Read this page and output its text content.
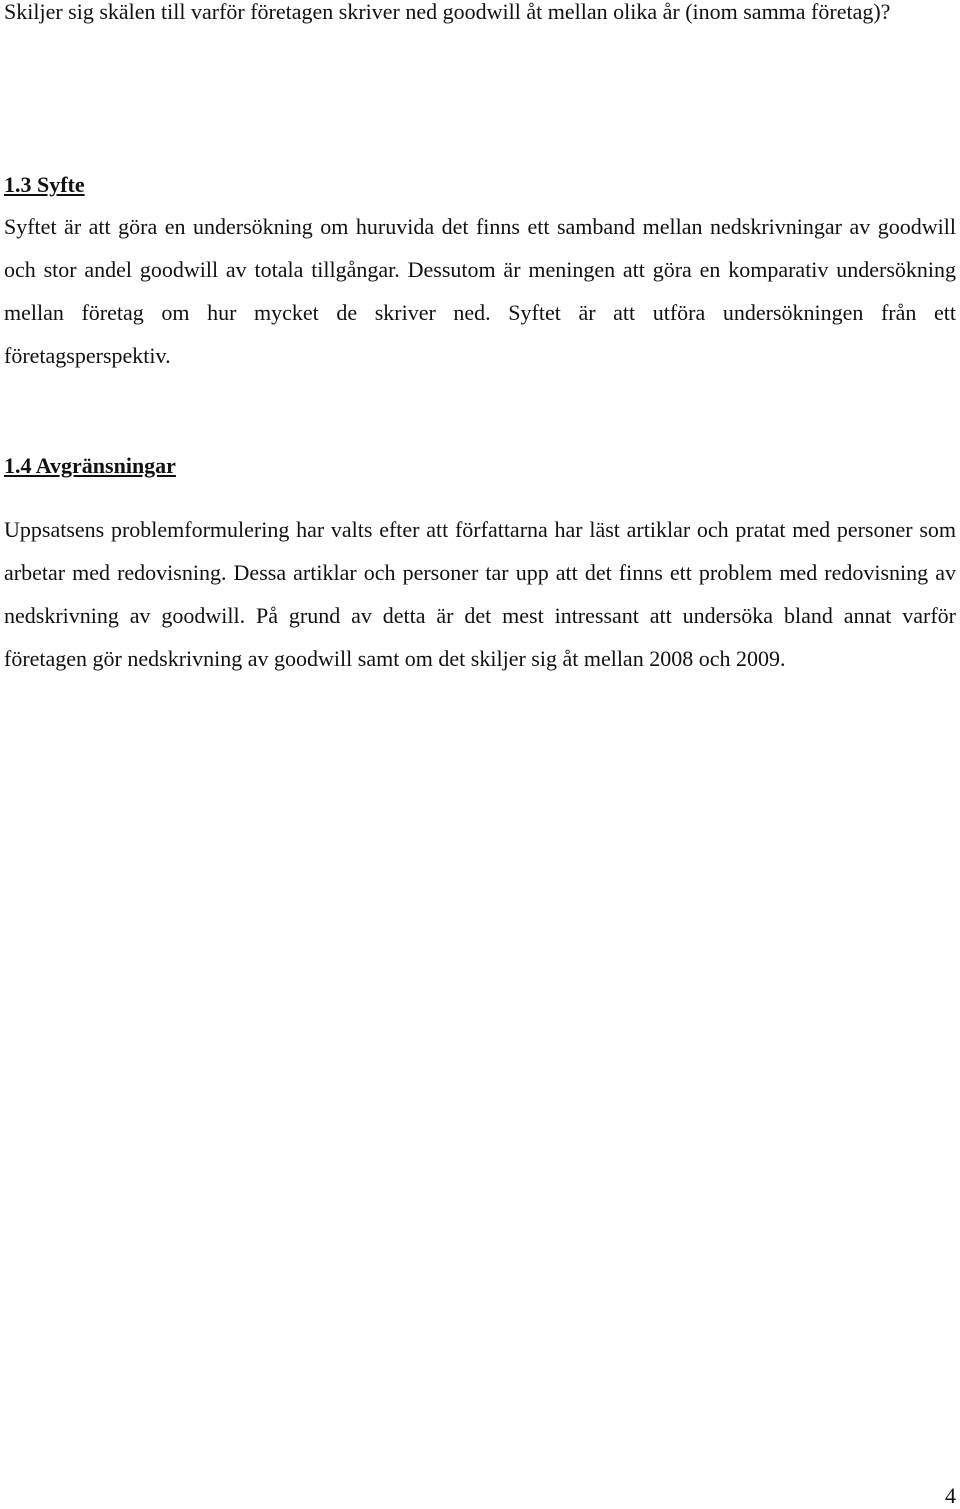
Skiljer sig skälen till varför företagen skriver ned goodwill åt mellan olika år (inom samma företag)?

1.3 Syfte

Syftet är att göra en undersökning om huruvida det finns ett samband mellan nedskrivningar av goodwill och stor andel goodwill av totala tillgångar. Dessutom är meningen att göra en komparativ undersökning mellan företag om hur mycket de skriver ned. Syftet är att utföra undersökningen från ett företagsperspektiv.

1.4 Avgränsningar

Uppsatsens problemformulering har valts efter att författarna har läst artiklar och pratat med personer som arbetar med redovisning. Dessa artiklar och personer tar upp att det finns ett problem med redovisning av nedskrivning av goodwill. På grund av detta är det mest intressant att undersöka bland annat varför företagen gör nedskrivning av goodwill samt om det skiljer sig åt mellan 2008 och 2009.

4
